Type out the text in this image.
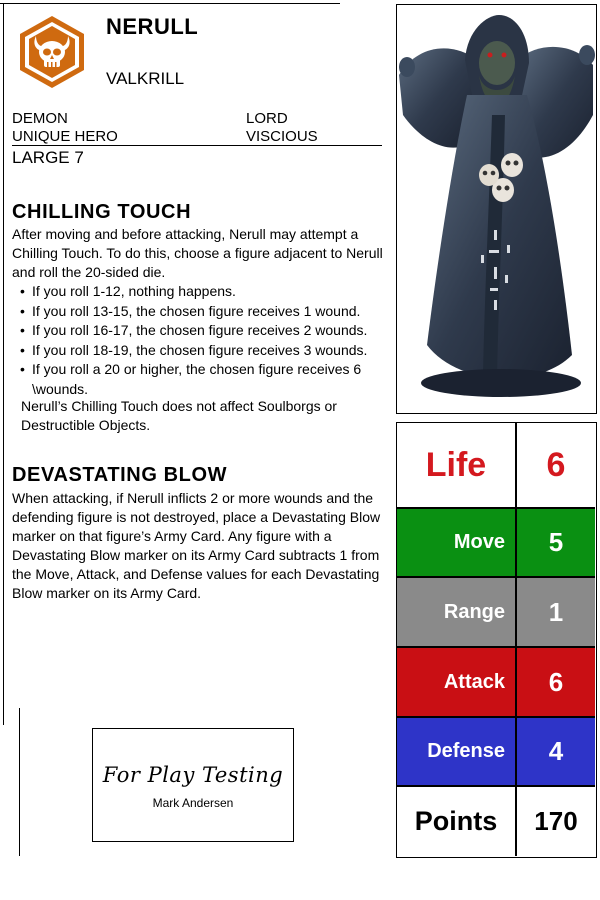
NERULL
VALKRILL
DEMON	LORD
UNIQUE HERO	VISCIOUS
LARGE 7
CHILLING TOUCH
After moving and before attacking, Nerull may attempt a Chilling Touch. To do this, choose a figure adjacent to Nerull and roll the 20-sided die.
• If you roll 1-12, nothing happens.
• If you roll 13-15, the chosen figure receives 1 wound.
• If you roll 16-17, the chosen figure receives 2 wounds.
• If you roll 18-19, the chosen figure receives 3 wounds.
• If you roll a 20 or higher, the chosen figure receives 6 \wounds.
Nerull’s Chilling Touch does not affect Soulborgs or Destructible Objects.
DEVASTATING BLOW
When attacking, if Nerull inflicts 2 or more wounds and the defending figure is not destroyed, place a Devastating Blow marker on that figure’s Army Card. Any figure with a Devastating Blow marker on its Army Card subtracts 1 from the Move, Attack, and Defense values for each Devastating Blow marker on its Army Card.
Life	6
Move	5
Range	1
Attack	6
Defense	4
Points	170
For Play Testing
Mark Andersen
